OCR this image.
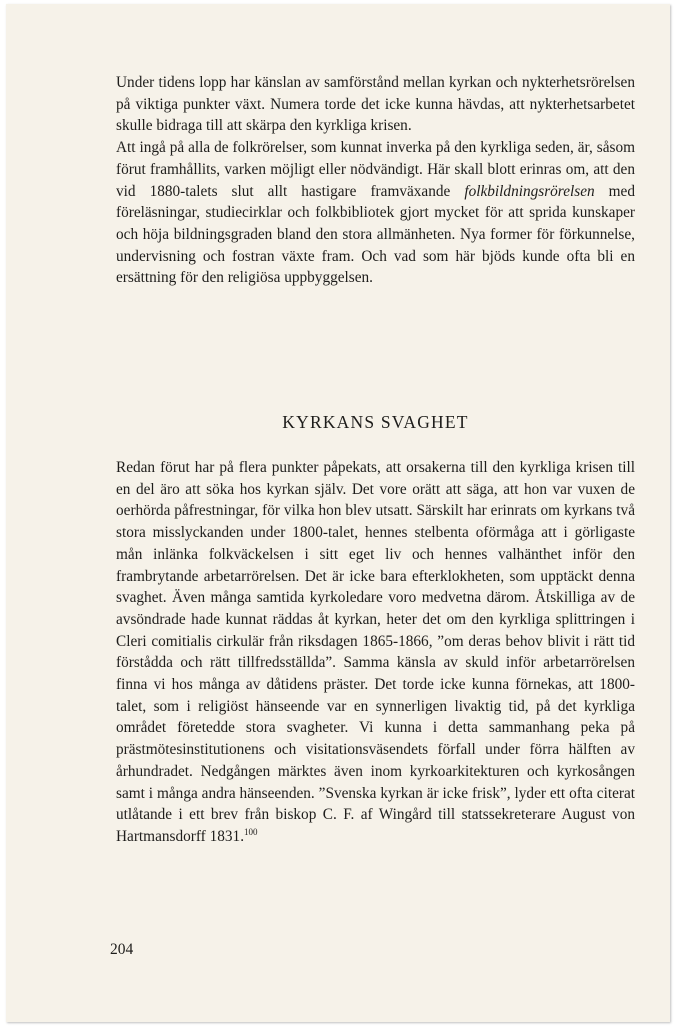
Under tidens lopp har känslan av samförstånd mellan kyrkan och nykterhetsrörelsen på viktiga punkter växt. Numera torde det icke kunna hävdas, att nykterhetsarbetet skulle bidraga till att skärpa den kyrkliga krisen.

Att ingå på alla de folkrörelser, som kunnat inverka på den kyrkliga seden, är, såsom förut framhållits, varken möjligt eller nödvändigt. Här skall blott erinras om, att den vid 1880-talets slut allt hastigare framväxande folkbildningsrörelsen med föreläsningar, studiecirklar och folkbibliotek gjort mycket för att sprida kunskaper och höja bildningsgraden bland den stora allmänheten. Nya former för förkunnelse, undervisning och fostran växte fram. Och vad som här bjöds kunde ofta bli en ersättning för den religiösa uppbyggelsen.

KYRKANS SVAGHET

Redan förut har på flera punkter påpekats, att orsakerna till den kyrkliga krisen till en del äro att söka hos kyrkan själv. Det vore orätt att säga, att hon var vuxen de oerhörda påfrestningar, för vilka hon blev utsatt. Särskilt har erinrats om kyrkans två stora misslyckanden under 1800-talet, hennes stelbenta oförmåga att i görligaste mån inlänka folkväckelsen i sitt eget liv och hennes valhänthet inför den frambrytande arbetarrörelsen. Det är icke bara efterklokheten, som upptäckt denna svaghet. Även många samtida kyrkoledare voro medvetna därom. Åtskilliga av de avsöndrade hade kunnat räddas åt kyrkan, heter det om den kyrkliga splittringen i Cleri comitialis cirkulär från riksdagen 1865-1866, ”om deras behov blivit i rätt tid förstådda och rätt tillfredsställda”. Samma känsla av skuld inför arbetarrörelsen finna vi hos många av dåtidens präster. Det torde icke kunna förnekas, att 1800-talet, som i religiöst hänseende var en synnerligen livaktig tid, på det kyrkliga området företedde stora svagheter. Vi kunna i detta sammanhang peka på prästmötesinstitutionens och visitationsväsendets förfall under förra hälften av århundradet. Nedgången märktes även inom kyrkoarkitekturen och kyrkosången samt i många andra hänseenden. ”Svenska kyrkan är icke frisk”, lyder ett ofta citerat utlåtande i ett brev från biskop C. F. af Wingård till statssekreterare August von Hartmansdorff 1831.$^{100}$

204
